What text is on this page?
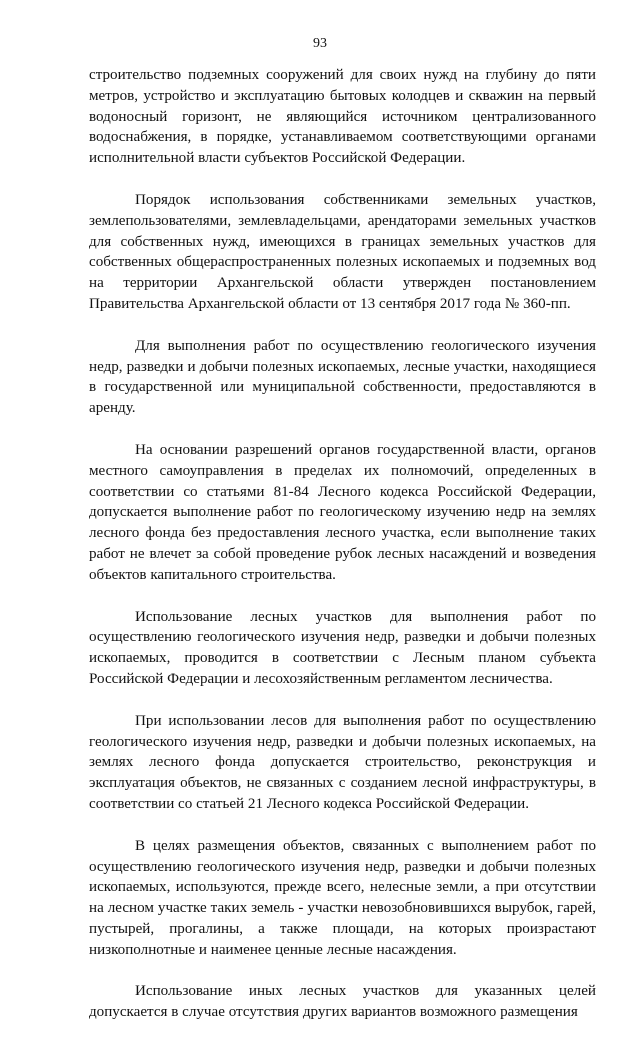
93

строительство подземных сооружений для своих нужд на глубину до пяти метров, устройство и эксплуатацию бытовых колодцев и скважин на первый водоносный горизонт, не являющийся источником централизованного водоснабжения, в порядке, устанавливаемом соответствующими органами исполнительной власти субъектов Российской Федерации.

Порядок использования собственниками земельных участков, землепользователями, землевладельцами, арендаторами земельных участков для собственных нужд, имеющихся в границах земельных участков для собственных общераспространенных полезных ископаемых и подземных вод на территории Архангельской области утвержден постановлением Правительства Архангельской области от 13 сентября 2017 года № 360-пп.

Для выполнения работ по осуществлению геологического изучения недр, разведки и добычи полезных ископаемых, лесные участки, находящиеся в государственной или муниципальной собственности, предоставляются в аренду.

На основании разрешений органов государственной власти, органов местного самоуправления в пределах их полномочий, определенных в соответствии со статьями 81-84 Лесного кодекса Российской Федерации, допускается выполнение работ по геологическому изучению недр на землях лесного фонда без предоставления лесного участка, если выполнение таких работ не влечет за собой проведение рубок лесных насаждений и возведения объектов капитального строительства.

Использование лесных участков для выполнения работ по осуществлению геологического изучения недр, разведки и добычи полезных ископаемых, проводится в соответствии с Лесным планом субъекта Российской Федерации и лесохозяйственным регламентом лесничества.

При использовании лесов для выполнения работ по осуществлению геологического изучения недр, разведки и добычи полезных ископаемых, на землях лесного фонда допускается строительство, реконструкция и эксплуатация объектов, не связанных с созданием лесной инфраструктуры, в соответствии со статьей 21 Лесного кодекса Российской Федерации.

В целях размещения объектов, связанных с выполнением работ по осуществлению геологического изучения недр, разведки и добычи полезных ископаемых, используются, прежде всего, нелесные земли, а при отсутствии на лесном участке таких земель - участки невозобновившихся вырубок, гарей, пустырей, прогалины, а также площади, на которых произрастают низкополнотные и наименее ценные лесные насаждения.

Использование иных лесных участков для указанных целей допускается в случае отсутствия других вариантов возможного размещения
